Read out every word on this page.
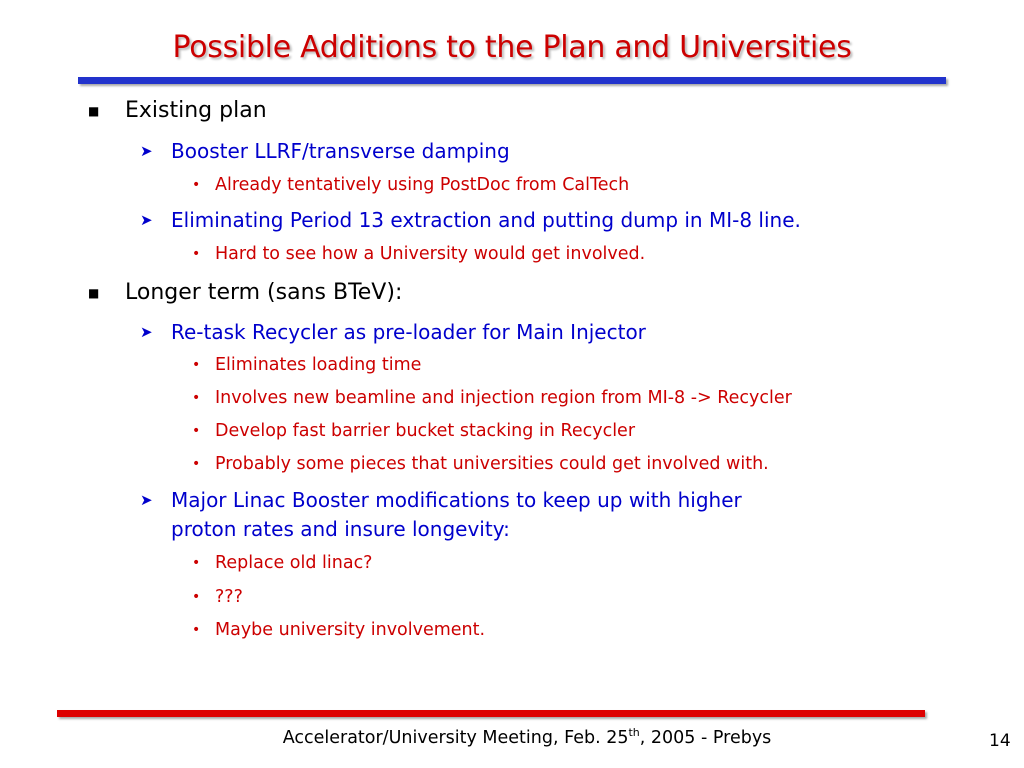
Possible Additions to the Plan and Universities
■ Existing plan
➤ Booster LLRF/transverse damping
• Already tentatively using PostDoc from CalTech
➤ Eliminating Period 13 extraction and putting dump in MI-8 line.
• Hard to see how a University would get involved.
■ Longer term (sans BTeV):
➤ Re-task Recycler as pre-loader for Main Injector
• Eliminates loading time
• Involves new beamline and injection region from MI-8 -> Recycler
• Develop fast barrier bucket stacking in Recycler
• Probably some pieces that universities could get involved with.
➤ Major Linac Booster modifications to keep up with higher
proton rates and insure longevity:
• Replace old linac?
• ???
• Maybe university involvement.
Accelerator/University Meeting, Feb. 25th, 2005 - Prebys	14
